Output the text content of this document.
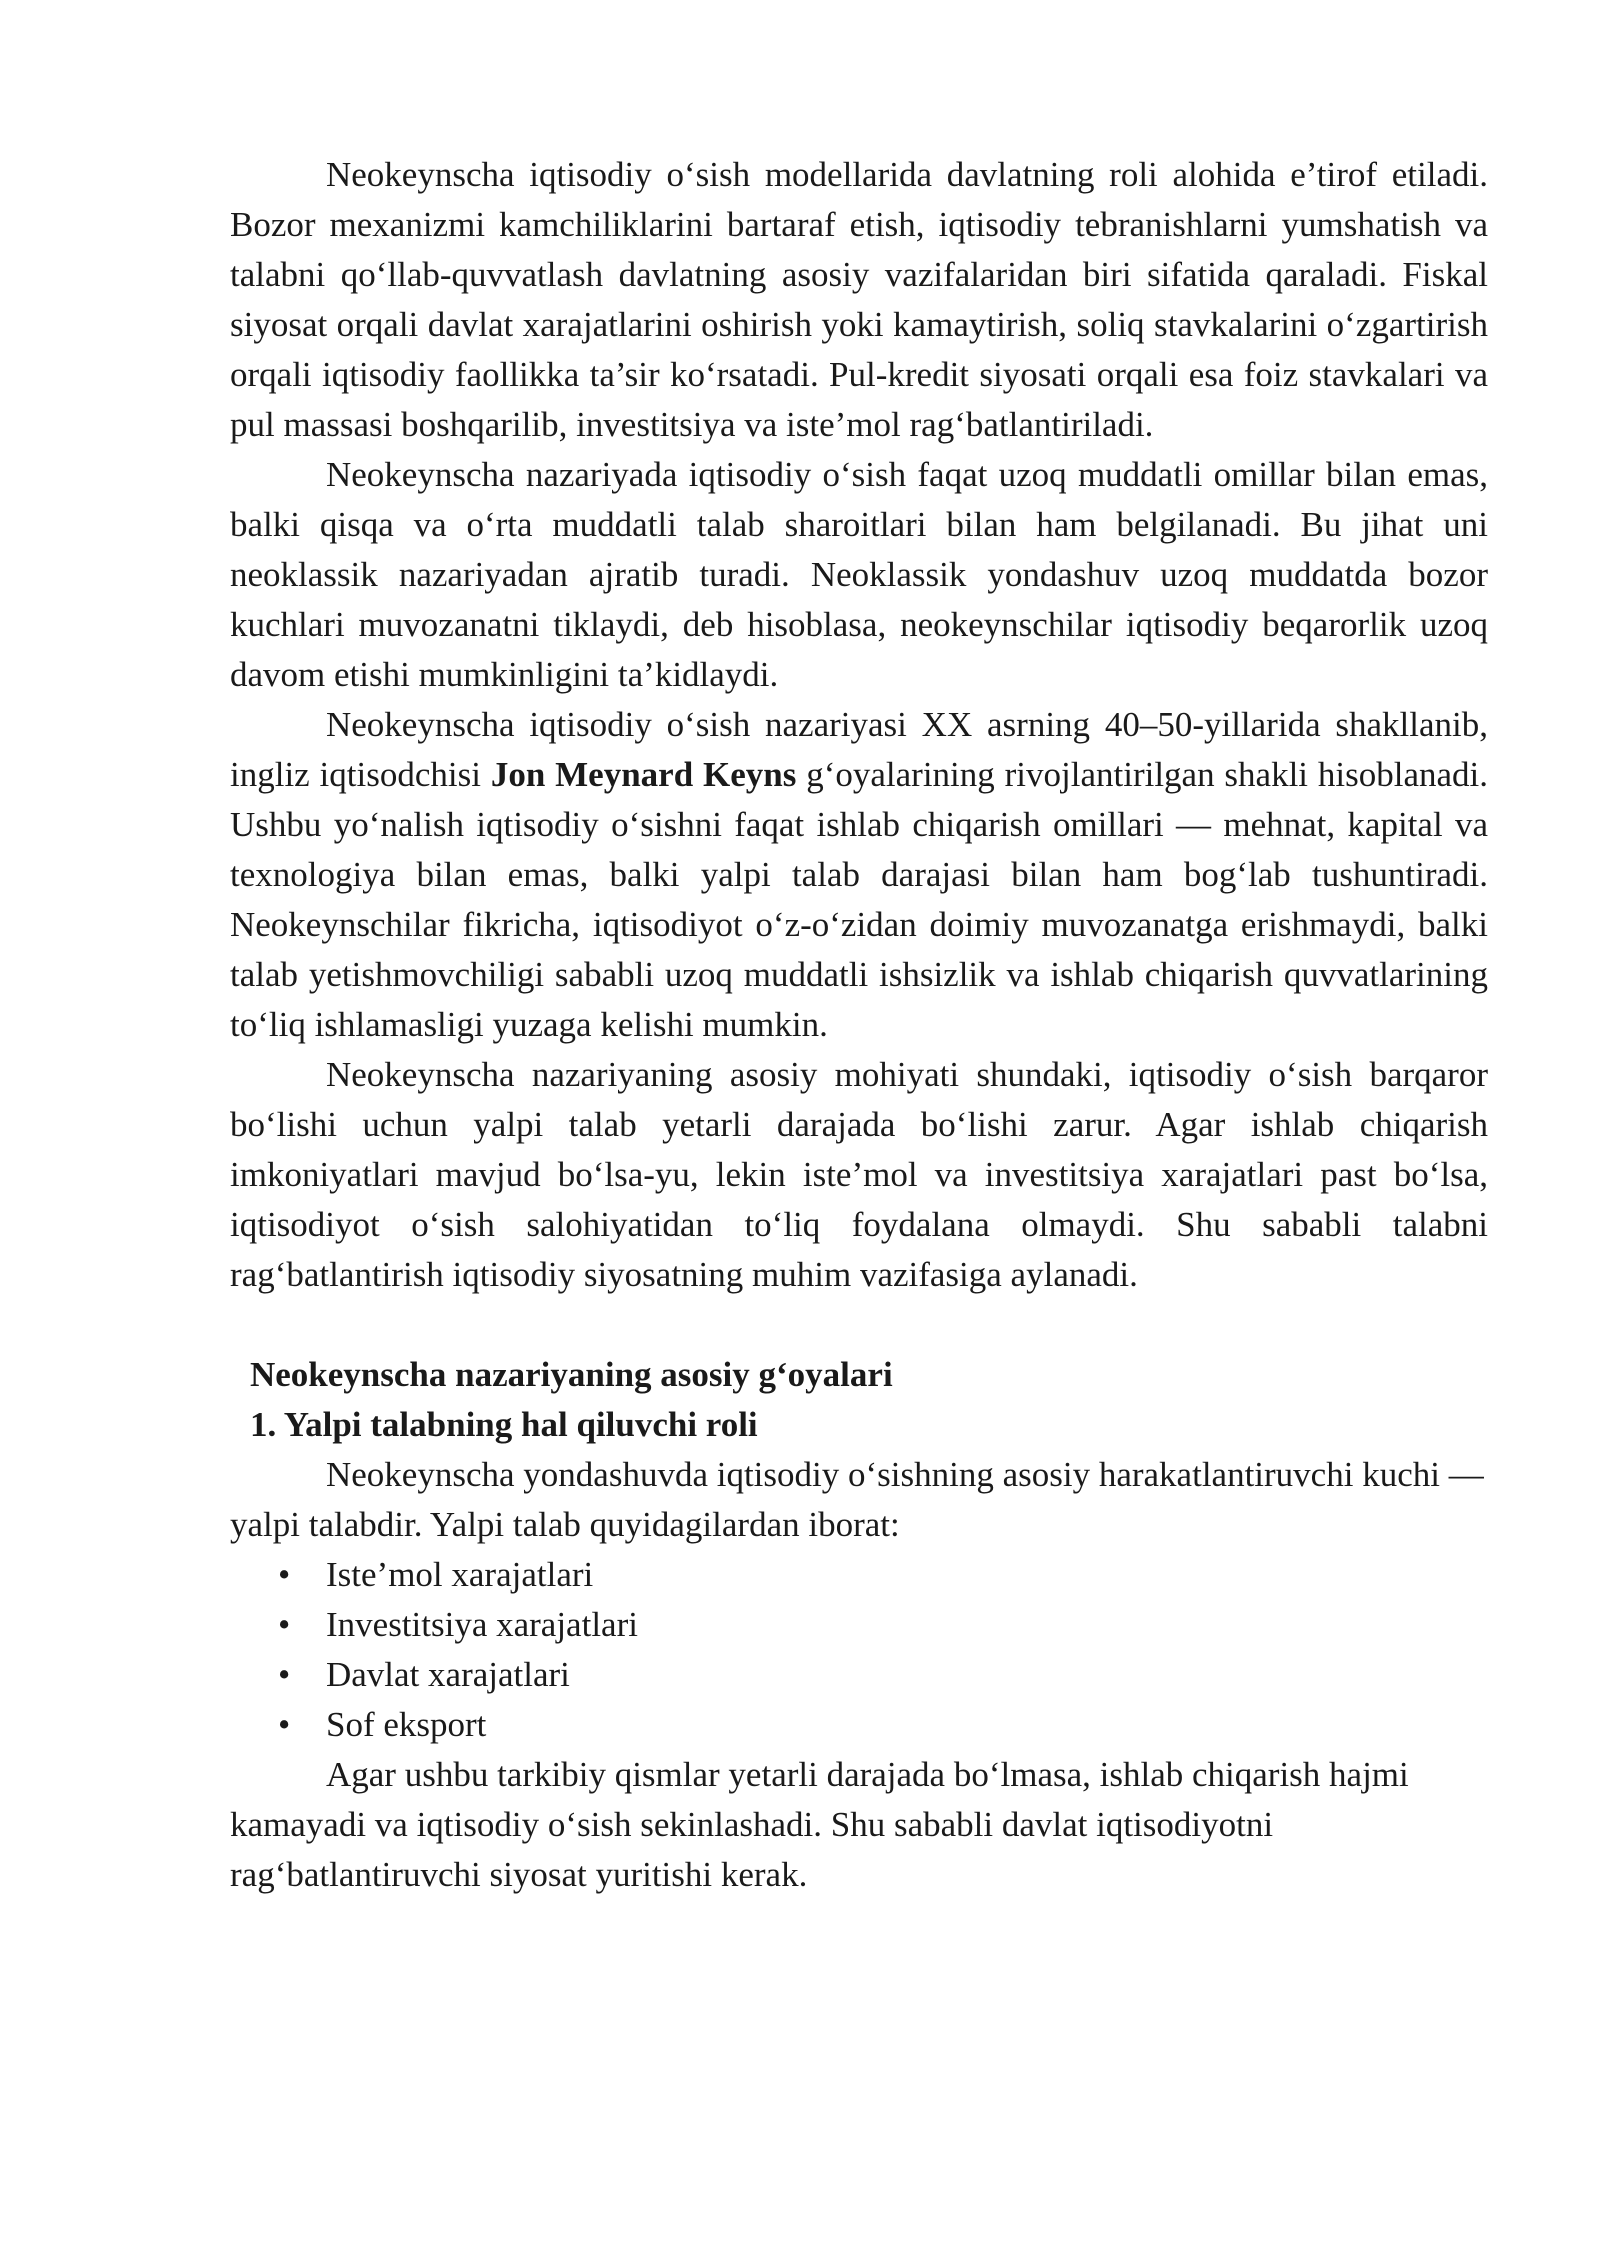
Neokeynscha iqtisodiy o‘sish modellarida davlatning roli alohida e’tirof etiladi. Bozor mexanizmi kamchiliklarini bartaraf etish, iqtisodiy tebranishlarni yumshatish va talabni qo‘llab-quvvatlash davlatning asosiy vazifalaridan biri sifatida qaraladi. Fiskal siyosat orqali davlat xarajatlarini oshirish yoki kamaytirish, soliq stavkalarini o‘zgartirish orqali iqtisodiy faollikka ta’sir ko‘rsatadi. Pul-kredit siyosati orqali esa foiz stavkalari va pul massasi boshqarilib, investitsiya va iste’mol rag‘batlantiriladi.

Neokeynscha nazariyada iqtisodiy o‘sish faqat uzoq muddatli omillar bilan emas, balki qisqa va o‘rta muddatli talab sharoitlari bilan ham belgilanadi. Bu jihat uni neoklassik nazariyadan ajratib turadi. Neoklassik yondashuv uzoq muddatda bozor kuchlari muvozanatni tiklaydi, deb hisoblasa, neokeynschilar iqtisodiy beqarorlik uzoq davom etishi mumkinligini ta’kidlaydi.

Neokeynscha iqtisodiy o‘sish nazariyasi XX asrning 40–50-yillarida shakllanib, ingliz iqtisodchisi Jon Meynard Keyns g‘oyalarining rivojlantirilgan shakli hisoblanadi. Ushbu yo‘nalish iqtisodiy o‘sishni faqat ishlab chiqarish omillari — mehnat, kapital va texnologiya bilan emas, balki yalpi talab darajasi bilan ham bog‘lab tushuntiradi. Neokeynschilar fikricha, iqtisodiyot o‘z-o‘zidan doimiy muvozanatga erishmaydi, balki talab yetishmovchiligi sababli uzoq muddatli ishsizlik va ishlab chiqarish quvvatlarining to‘liq ishlamasligi yuzaga kelishi mumkin.

Neokeynscha nazariyaning asosiy mohiyati shundaki, iqtisodiy o‘sish barqaror bo‘lishi uchun yalpi talab yetarli darajada bo‘lishi zarur. Agar ishlab chiqarish imkoniyatlari mavjud bo‘lsa-yu, lekin iste’mol va investitsiya xarajatlari past bo‘lsa, iqtisodiyot o‘sish salohiyatidan to‘liq foydalana olmaydi. Shu sababli talabni rag‘batlantirish iqtisodiy siyosatning muhim vazifasiga aylanadi.

Neokeynscha nazariyaning asosiy g‘oyalari

1. Yalpi talabning hal qiluvchi roli

Neokeynscha yondashuvda iqtisodiy o‘sishning asosiy harakatlantiruvchi kuchi — yalpi talabdir. Yalpi talab quyidagilardan iborat:

• Iste’mol xarajatlari
• Investitsiya xarajatlari
• Davlat xarajatlari
• Sof eksport

Agar ushbu tarkibiy qismlar yetarli darajada bo‘lmasa, ishlab chiqarish hajmi kamayadi va iqtisodiy o‘sish sekinlashadi. Shu sababli davlat iqtisodiyotni rag‘batlantiruvchi siyosat yuritishi kerak.
